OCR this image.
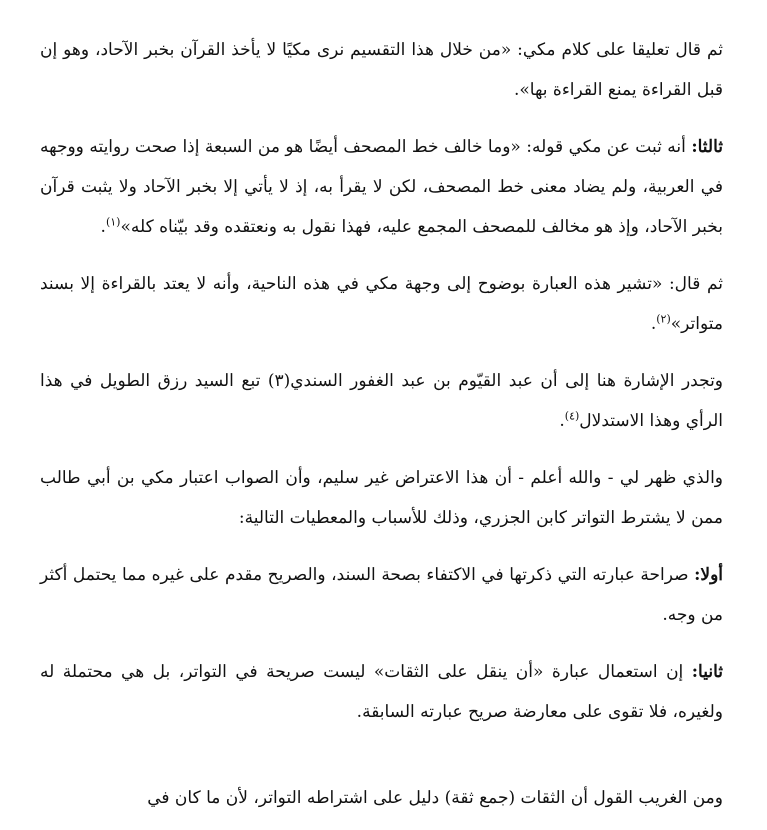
ثم قال تعليقا على كلام مكي: «من خلال هذا التقسيم نرى مكيًا لا يأخذ القرآن بخبر الآحاد، وهو إن قبل القراءة يمنع القراءة بها».

ثالثا: أنه ثبت عن مكي قوله: «وما خالف خط المصحف أيضًا هو من السبعة إذا صحت روايته ووجهه في العربية، ولم يضاد معنى خط المصحف، لكن لا يقرأ به، إذ لا يأتي إلا بخبر الآحاد ولا يثبت قرآن بخبر الآحاد، وإذ هو مخالف للمصحف المجمع عليه، فهذا نقول به ونعتقده وقد بيّناه كله»$^{(١)}$.

ثم قال: «تشير هذه العبارة بوضوح إلى وجهة مكي في هذه الناحية، وأنه لا يعتد بالقراءة إلا بسند متواتر»$^{(٢)}$.

وتجدر الإشارة هنا إلى أن عبد القيّوم بن عبد الغفور السندي(٣) تبع السيد رزق الطويل في هذا الرأي وهذا الاستدلال$^{(٤)}$.

والذي ظهر لي - والله أعلم - أن هذا الاعتراض غير سليم، وأن الصواب اعتبار مكي بن أبي طالب ممن لا يشترط التواتر كابن الجزري، وذلك للأسباب والمعطيات التالية:

أولا: صراحة عبارته التي ذكرتها في الاكتفاء بصحة السند، والصريح مقدم على غيره مما يحتمل أكثر من وجه.

ثانيا: إن استعمال عبارة «أن ينقل على الثقات» ليست صريحة في التواتر، بل هي محتملة له ولغيره، فلا تقوى على معارضة صريح عبارته السابقة.

ومن الغريب القول أن الثقات (جمع ثقة) دليل على اشتراطه التواتر، لأن ما كان في
